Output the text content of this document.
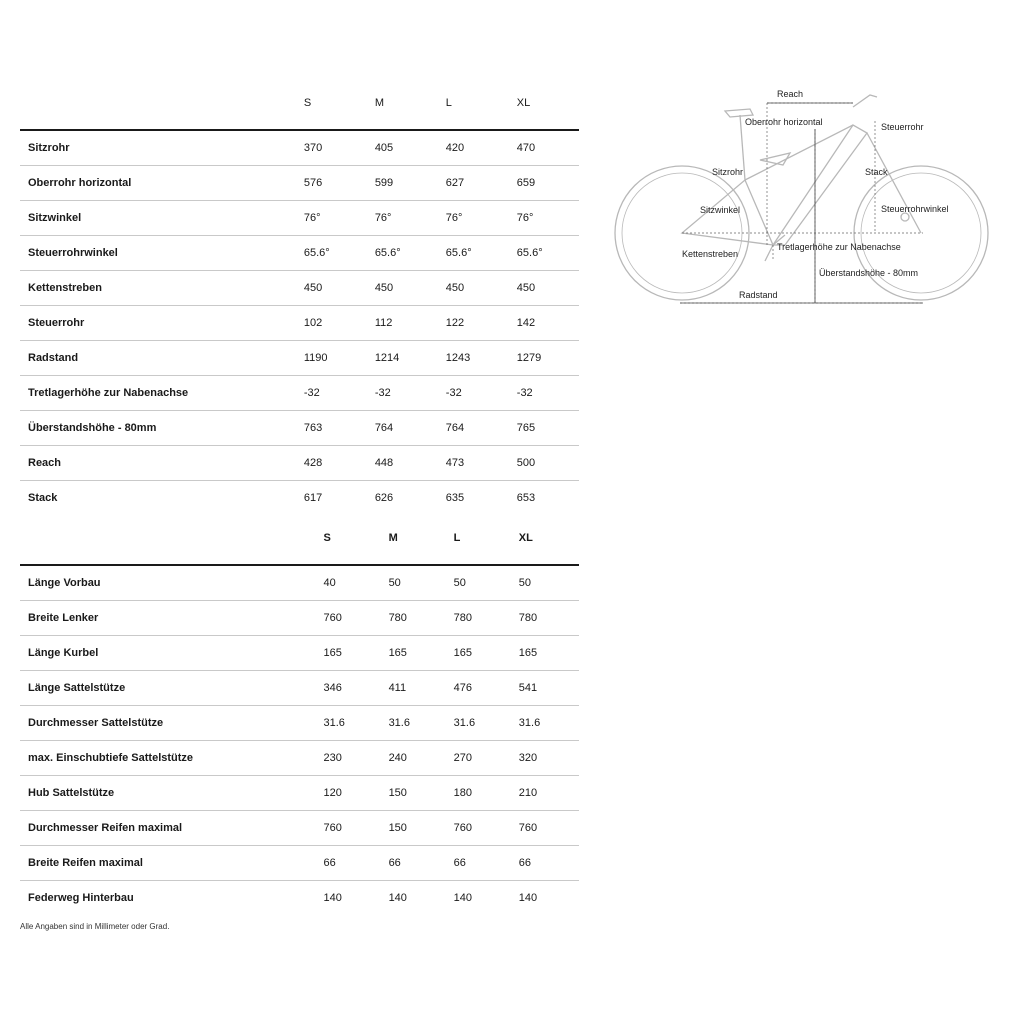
	S	M	L	XL
Sitzrohr	370	405	420	470
Oberrohr horizontal	576	599	627	659
Sitzwinkel	76°	76°	76°	76°
Steuerrohrwinkel	65.6°	65.6°	65.6°	65.6°
Kettenstreben	450	450	450	450
Steuerrohr	102	112	122	142
Radstand	1190	1214	1243	1279
Tretlagerhöhe zur Nabenachse	-32	-32	-32	-32
Überstandshöhe - 80mm	763	764	764	765
Reach	428	448	473	500
Stack	617	626	635	653
	S	M	L	XL
Länge Vorbau	40	50	50	50
Breite Lenker	760	780	780	780
Länge Kurbel	165	165	165	165
Länge Sattelstütze	346	411	476	541
Durchmesser Sattelstütze	31.6	31.6	31.6	31.6
max. Einschubtiefe Sattelstütze	230	240	270	320
Hub Sattelstütze	120	150	180	210
Durchmesser Reifen maximal	760	150	760	760
Breite Reifen maximal	66	66	66	66
Federweg Hinterbau	140	140	140	140
Alle Angaben sind in Millimeter oder Grad.
Reach
Oberrohr horizontal	Steuerrohr
Sitzrohr	Stack
Sitzwinkel	Steuerrohrwinkel
Tretlagerhöhe zur Nabenachse
Kettenstreben
Überstandshöhe - 80mm
Radstand
